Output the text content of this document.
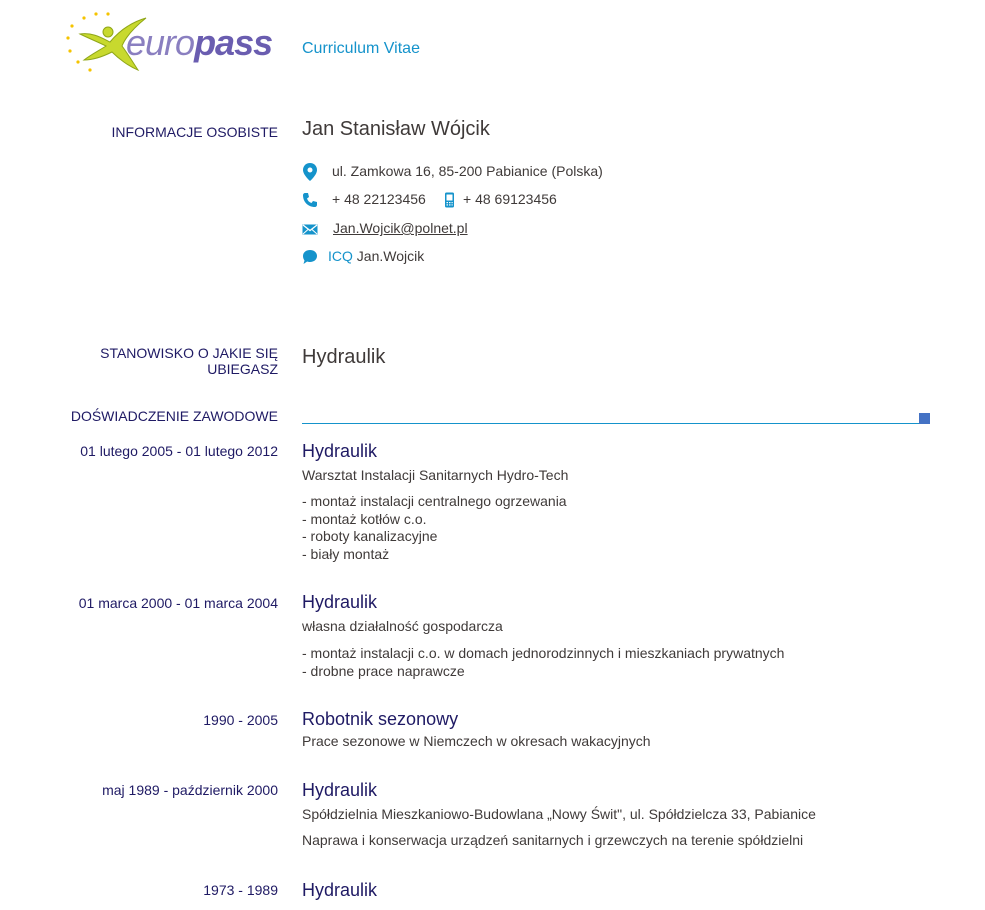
europass Curriculum Vitae
INFORMACJE OSOBISTE Jan Stanisław Wójcik
ul. Zamkowa 16, 85-200 Pabianice (Polska)
+ 48 22123456	+ 48 69123456
Jan.Wojcik@polnet.pl
ICQ Jan.Wojcik
STANOWISKO O JAKIE SIĘ
UBIEGASZ
Hydraulik
DOŚWIADCZENIE ZAWODOWE
01 lutego 2005 - 01 lutego 2012 Hydraulik
Warsztat Instalacji Sanitarnych Hydro-Tech
- montaż instalacji centralnego ogrzewania
- montaż kotłów c.o.
- roboty kanalizacyjne
- biały montaż
01 marca 2000 - 01 marca 2004 Hydraulik
własna działalność gospodarcza
- montaż instalacji c.o. w domach jednorodzinnych i mieszkaniach prywatnych
- drobne prace naprawcze
1990 - 2005 Robotnik sezonowy
Prace sezonowe w Niemczech w okresach wakacyjnych
maj 1989 - październik 2000 Hydraulik
Spółdzielnia Mieszkaniowo-Budowlana „Nowy Świt", ul. Spółdzielcza 33, Pabianice
Naprawa i konserwacja urządzeń sanitarnych i grzewczych na terenie spółdzielni
1973 - 1989 Hydraulik
